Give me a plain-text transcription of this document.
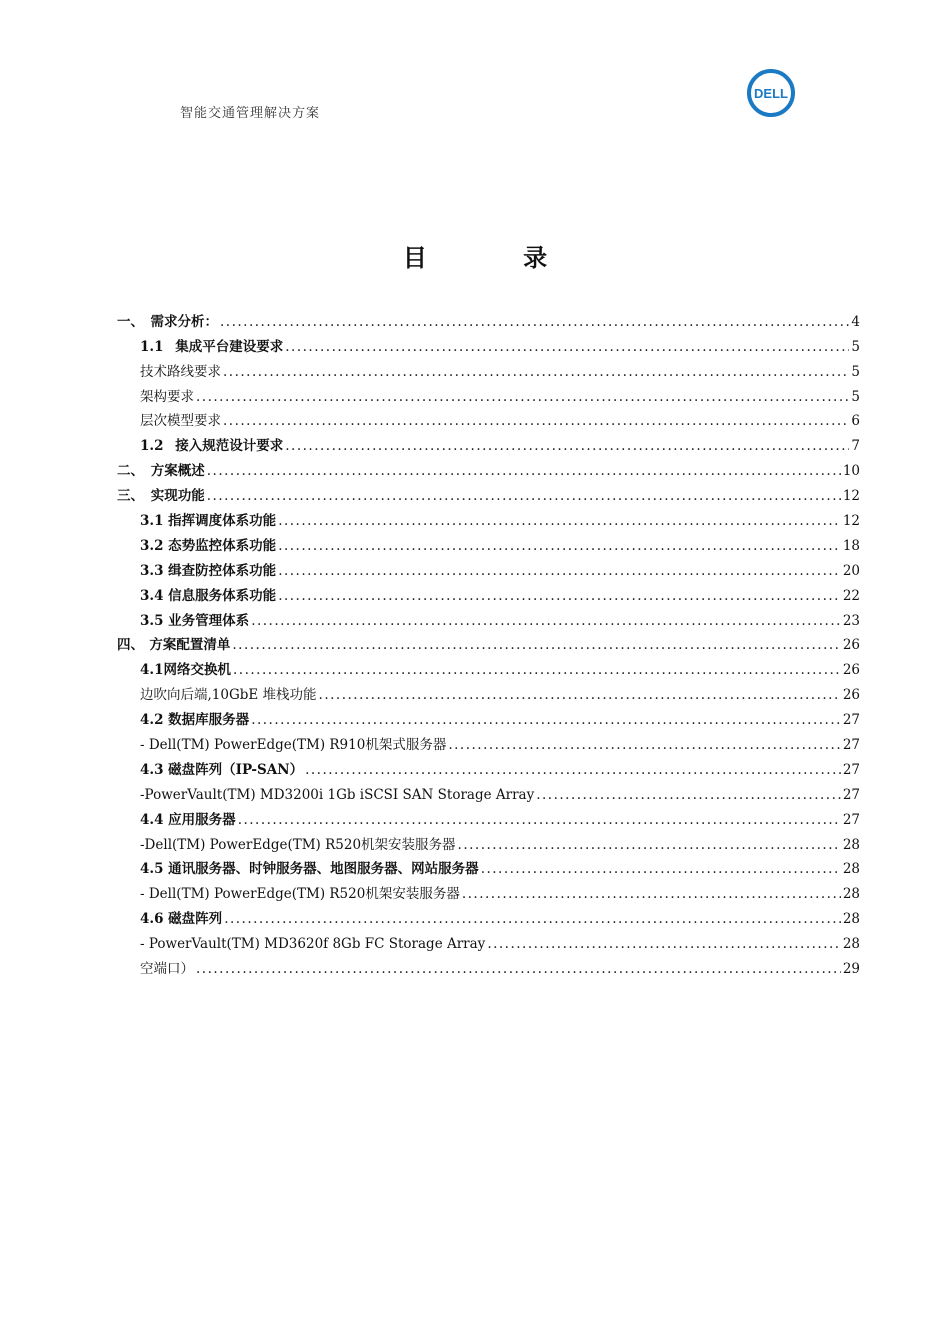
智能交通管理解决方案
DELL
目 录
一、 需求分析： .....	4
1.1 集成平台建设要求 .....	5
技术路线要求 .....	5
架构要求 .....	5
层次模型要求 .....	6
1.2 接入规范设计要求 .....	7
二、 方案概述 .....	10
三、 实现功能 .....	12
3.1 指挥调度体系功能 .....	12
3.2 态势监控体系功能 .....	18
3.3 缉查防控体系功能 .....	20
3.4 信息服务体系功能 .....	22
3.5 业务管理体系 .....	23
四、 方案配置清单 .....	26
4.1网络交换机 .....	26
边吹向后端,10GbE 堆栈功能 .....	26
4.2 数据库服务器 .....	27
- Dell(TM) PowerEdge(TM) R910机架式服务器 .....	27
4.3 磁盘阵列（IP-SAN） .....	27
-PowerVault(TM) MD3200i 1Gb iSCSI SAN Storage Array .....	27
4.4 应用服务器 .....	27
-Dell(TM) PowerEdge(TM) R520机架安装服务器 .....	28
4.5 通讯服务器、时钟服务器、地图服务器、网站服务器 .....	28
- Dell(TM) PowerEdge(TM) R520机架安装服务器 .....	28
4.6 磁盘阵列 .....	28
- PowerVault(TM) MD3620f 8Gb FC Storage Array .....	28
空端口） .....	29
